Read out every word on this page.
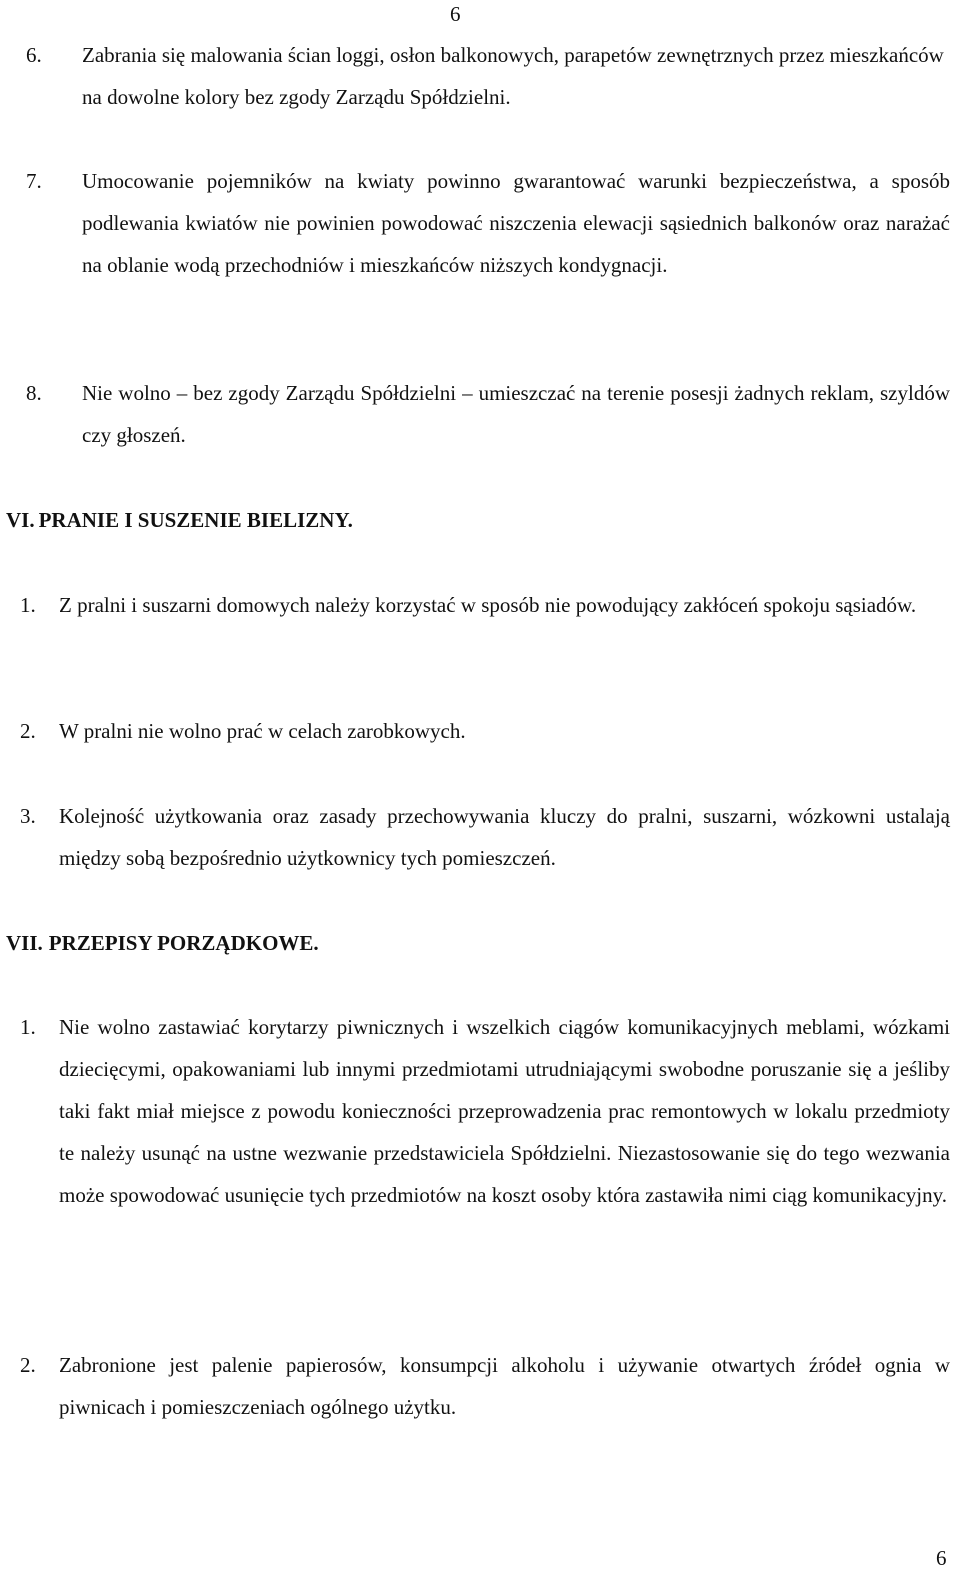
6
6. Zabrania się malowania ścian loggi, osłon balkonowych, parapetów zewnętrznych przez mieszkańców na dowolne kolory bez zgody Zarządu Spółdzielni.
7. Umocowanie pojemników na kwiaty powinno gwarantować warunki bezpieczeństwa, a sposób podlewania kwiatów nie powinien powodować niszczenia elewacji sąsiednich balkonów oraz narażać na oblanie wodą przechodniów i mieszkańców niższych kondygnacji.
8. Nie wolno – bez zgody Zarządu Spółdzielni – umieszczać na terenie posesji żadnych reklam, szyldów czy głoszeń.
VI. PRANIE I SUSZENIE BIELIZNY.
1. Z pralni i suszarni domowych należy korzystać w sposób nie powodujący zakłóceń spokoju sąsiadów.
2. W pralni nie wolno prać w celach zarobkowych.
3. Kolejność użytkowania oraz zasady przechowywania kluczy do pralni, suszarni, wózkowni ustalają między sobą bezpośrednio użytkownicy tych pomieszczeń.
VII. PRZEPISY PORZĄDKOWE.
1. Nie wolno zastawiać korytarzy piwnicznych i wszelkich ciągów komunikacyjnych meblami, wózkami dziecięcymi, opakowaniami lub innymi przedmiotami utrudniającymi swobodne poruszanie się a jeśliby taki fakt miał miejsce z powodu konieczności przeprowadzenia prac remontowych w lokalu przedmioty te należy usunąć na ustne wezwanie przedstawiciela Spółdzielni. Niezastosowanie się do tego wezwania może spowodować usunięcie tych przedmiotów na koszt osoby która zastawiła nimi ciąg komunikacyjny.
2. Zabronione jest palenie papierosów, konsumpcji alkoholu i używanie otwartych źródeł ognia w piwnicach i pomieszczeniach ogólnego użytku.
6
